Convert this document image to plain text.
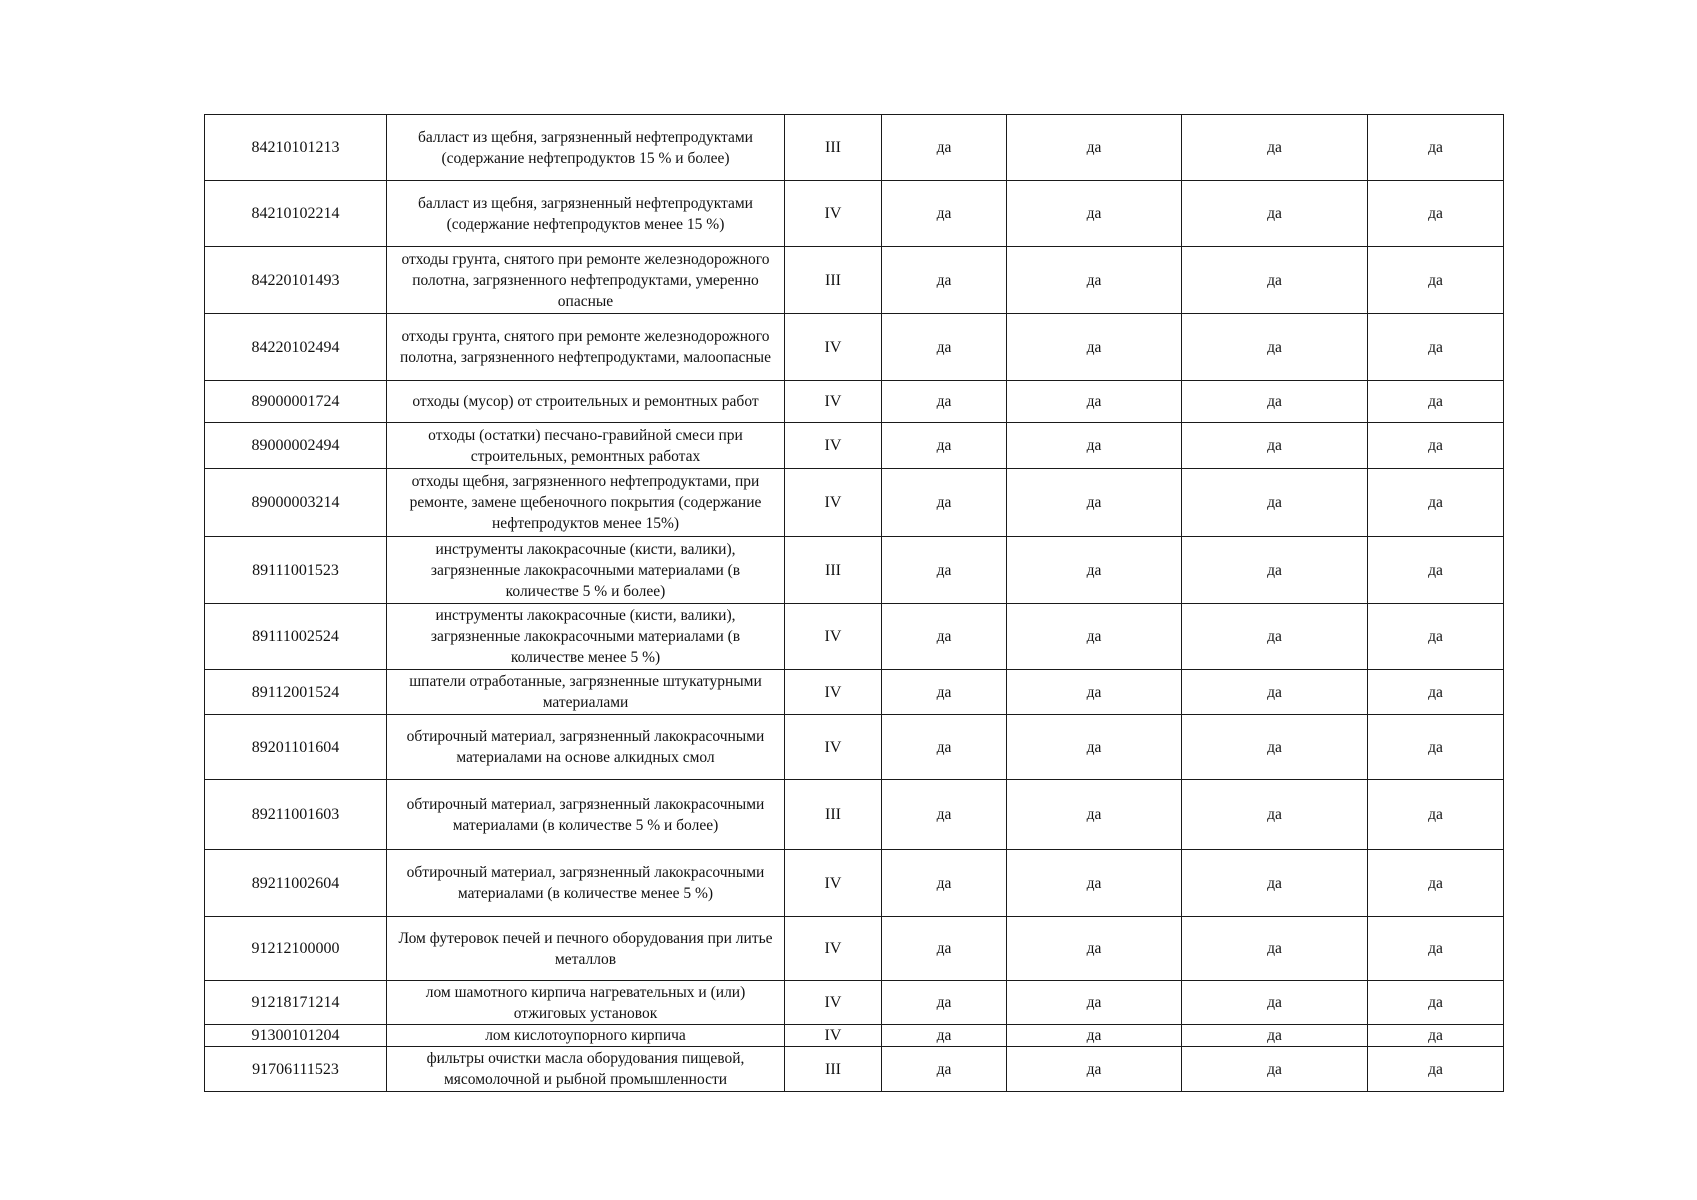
84210101213	балласт из щебня, загрязненный нефтепродуктами (содержание нефтепродуктов 15 % и более)	III	да	да	да	да
84210102214	балласт из щебня, загрязненный нефтепродуктами (содержание нефтепродуктов менее 15 %)	IV	да	да	да	да
84220101493	отходы грунта, снятого при ремонте железнодорожного полотна, загрязненного нефтепродуктами, умеренно опасные	III	да	да	да	да
84220102494	отходы грунта, снятого при ремонте железнодорожного полотна, загрязненного нефтепродуктами, малоопасные	IV	да	да	да	да
89000001724	отходы (мусор) от строительных и ремонтных работ	IV	да	да	да	да
89000002494	отходы (остатки) песчано-гравийной смеси при строительных, ремонтных работах	IV	да	да	да	да
89000003214	отходы щебня, загрязненного нефтепродуктами, при ремонте, замене щебеночного покрытия (содержание нефтепродуктов менее 15%)	IV	да	да	да	да
89111001523	инструменты лакокрасочные (кисти, валики), загрязненные лакокрасочными материалами (в количестве 5 % и более)	III	да	да	да	да
89111002524	инструменты лакокрасочные (кисти, валики), загрязненные лакокрасочными материалами (в количестве менее 5 %)	IV	да	да	да	да
89112001524	шпатели отработанные, загрязненные штукатурными материалами	IV	да	да	да	да
89201101604	обтирочный материал, загрязненный лакокрасочными материалами на основе алкидных смол	IV	да	да	да	да
89211001603	обтирочный материал, загрязненный лакокрасочными материалами (в количестве 5 % и более)	III	да	да	да	да
89211002604	обтирочный материал, загрязненный лакокрасочными материалами (в количестве менее 5 %)	IV	да	да	да	да
91212100000	Лом футеровок печей и печного оборудования при литье металлов	IV	да	да	да	да
91218171214	лом шамотного кирпича нагревательных и (или) отжиговых установок	IV	да	да	да	да
91300101204	лом кислотоупорного кирпича	IV	да	да	да	да
91706111523	фильтры очистки масла оборудования пищевой, мясомолочной и рыбной промышленности	III	да	да	да	да
